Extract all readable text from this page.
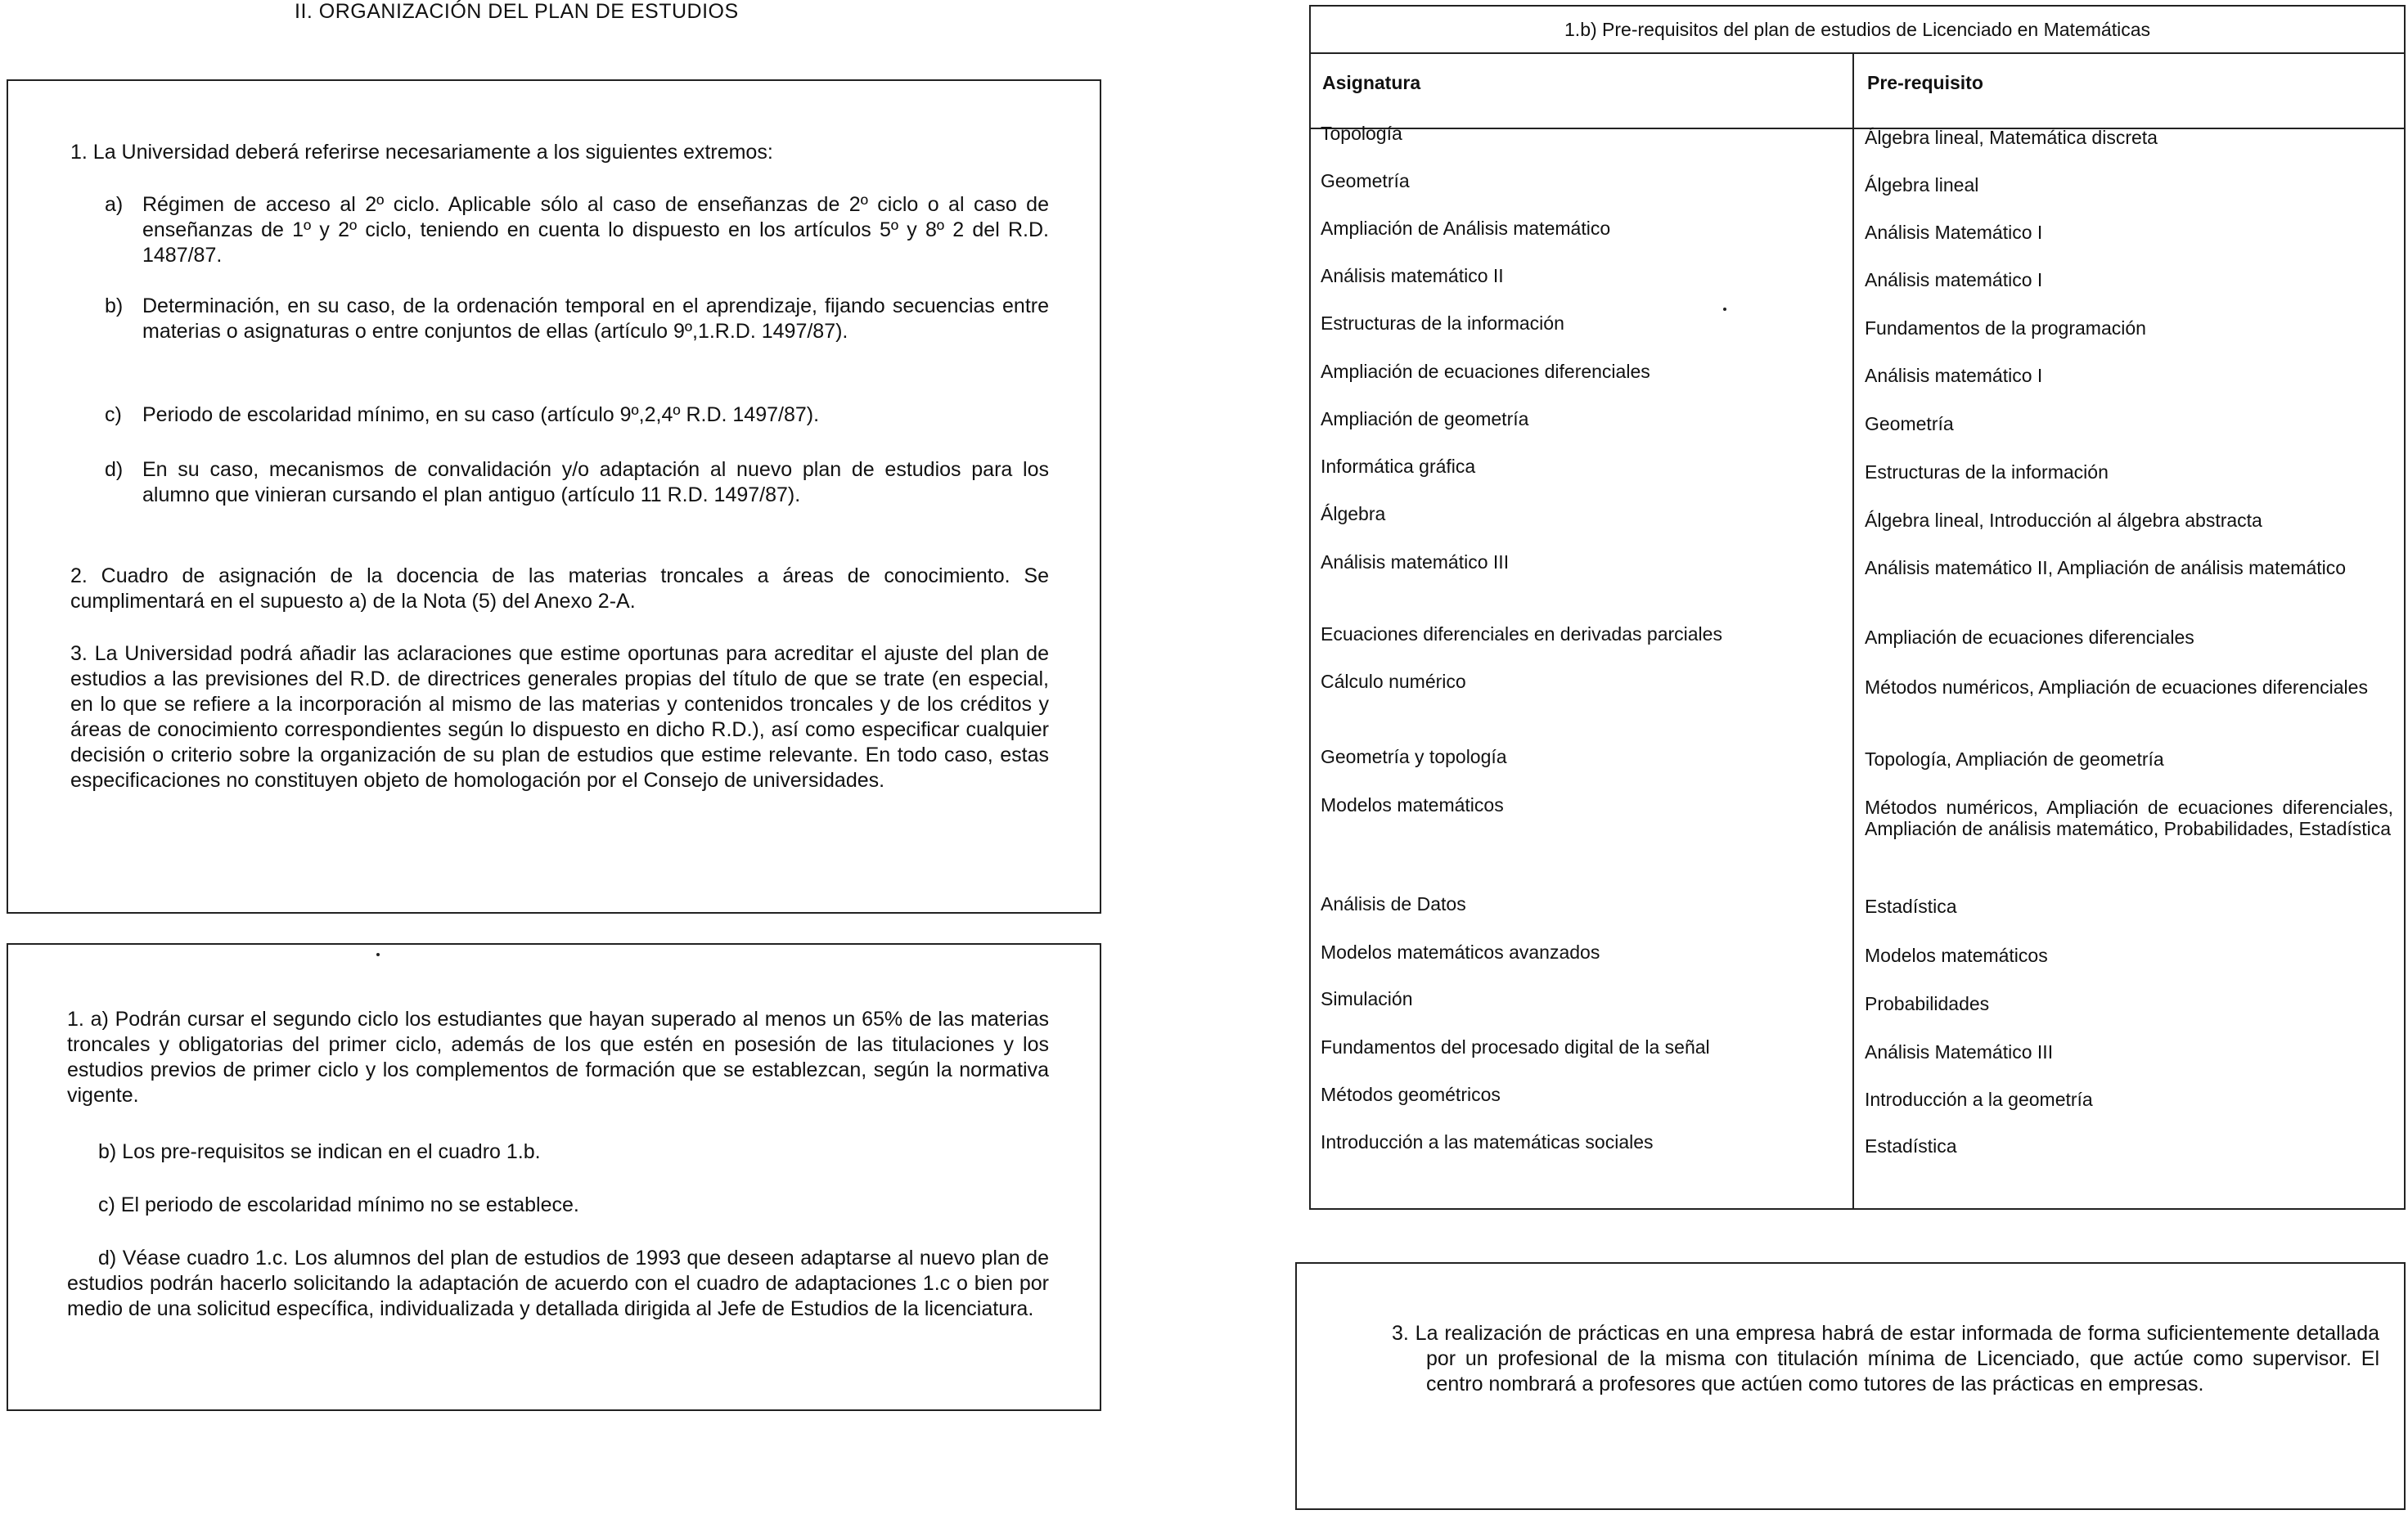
II. ORGANIZACIÓN DEL PLAN DE ESTUDIOS
1. La Universidad deberá referirse necesariamente a los siguientes extremos:
a) Régimen de acceso al 2º ciclo. Aplicable sólo al caso de enseñanzas de 2º ciclo o al caso de enseñanzas de 1º y 2º ciclo, teniendo en cuenta lo dispuesto en los artículos 5º y 8º 2 del R.D. 1487/87.
b) Determinación, en su caso, de la ordenación temporal en el aprendizaje, fijando secuencias entre materias o asignaturas o entre conjuntos de ellas (artículo 9º,1.R.D. 1497/87).
c) Periodo de escolaridad mínimo, en su caso (artículo 9º,2,4º R.D. 1497/87).
d) En su caso, mecanismos de convalidación y/o adaptación al nuevo plan de estudios para los alumno que vinieran cursando el plan antiguo (artículo 11 R.D. 1497/87).
2. Cuadro de asignación de la docencia de las materias troncales a áreas de conocimiento. Se cumplimentará en el supuesto a) de la Nota (5) del Anexo 2-A.
3. La Universidad podrá añadir las aclaraciones que estime oportunas para acreditar el ajuste del plan de estudios a las previsiones del R.D. de directrices generales propias del título de que se trate (en especial, en lo que se refiere a la incorporación al mismo de las materias y contenidos troncales y de los créditos y áreas de conocimiento correspondientes según lo dispuesto en dicho R.D.), así como especificar cualquier decisión o criterio sobre la organización de su plan de estudios que estime relevante. En todo caso, estas especificaciones no constituyen objeto de homologación por el Consejo de universidades.
1. a) Podrán cursar el segundo ciclo los estudiantes que hayan superado al menos un 65% de las materias troncales y obligatorias del primer ciclo, además de los que estén en posesión de las titulaciones y los estudios previos de primer ciclo y los complementos de formación que se establezcan, según la normativa vigente.
b) Los pre-requisitos se indican en el cuadro 1.b.
c) El periodo de escolaridad mínimo no se establece.
d) Véase cuadro 1.c. Los alumnos del plan de estudios de 1993 que deseen adaptarse al nuevo plan de estudios podrán hacerlo solicitando la adaptación de acuerdo con el cuadro de adaptaciones 1.c o bien por medio de una solicitud específica, individualizada y detallada dirigida al Jefe de Estudios de la licenciatura.
1.b) Pre-requisitos del plan de estudios de Licenciado en Matemáticas
Asignatura	Pre-requisito
Topología	Álgebra lineal, Matemática discreta
Geometría	Álgebra lineal
Ampliación de Análisis matemático	Análisis Matemático I
Análisis matemático II	Análisis matemático I
Estructuras de la información	Fundamentos de la programación
Ampliación de ecuaciones diferenciales	Análisis matemático I
Ampliación de geometría	Geometría
Informática gráfica	Estructuras de la información
Álgebra	Álgebra lineal, Introducción al álgebra abstracta
Análisis matemático III	Análisis matemático II, Ampliación de análisis matemático
Ecuaciones diferenciales en derivadas parciales	Ampliación de ecuaciones diferenciales
Cálculo numérico	Métodos numéricos, Ampliación de ecuaciones diferenciales
Geometría y topología	Topología, Ampliación de geometría
Modelos matemáticos	Métodos numéricos, Ampliación de ecuaciones diferenciales, Ampliación de análisis matemático, Probabilidades, Estadística
Análisis de Datos	Estadística
Modelos matemáticos avanzados	Modelos matemáticos
Simulación	Probabilidades
Fundamentos del procesado digital de la señal	Análisis Matemático III
Métodos geométricos	Introducción a la geometría
Introducción a las matemáticas sociales	Estadística
3. La realización de prácticas en una empresa habrá de estar informada de forma suficientemente detallada por un profesional de la misma con titulación mínima de Licenciado, que actúe como supervisor. El centro nombrará a profesores que actúen como tutores de las prácticas en empresas.
